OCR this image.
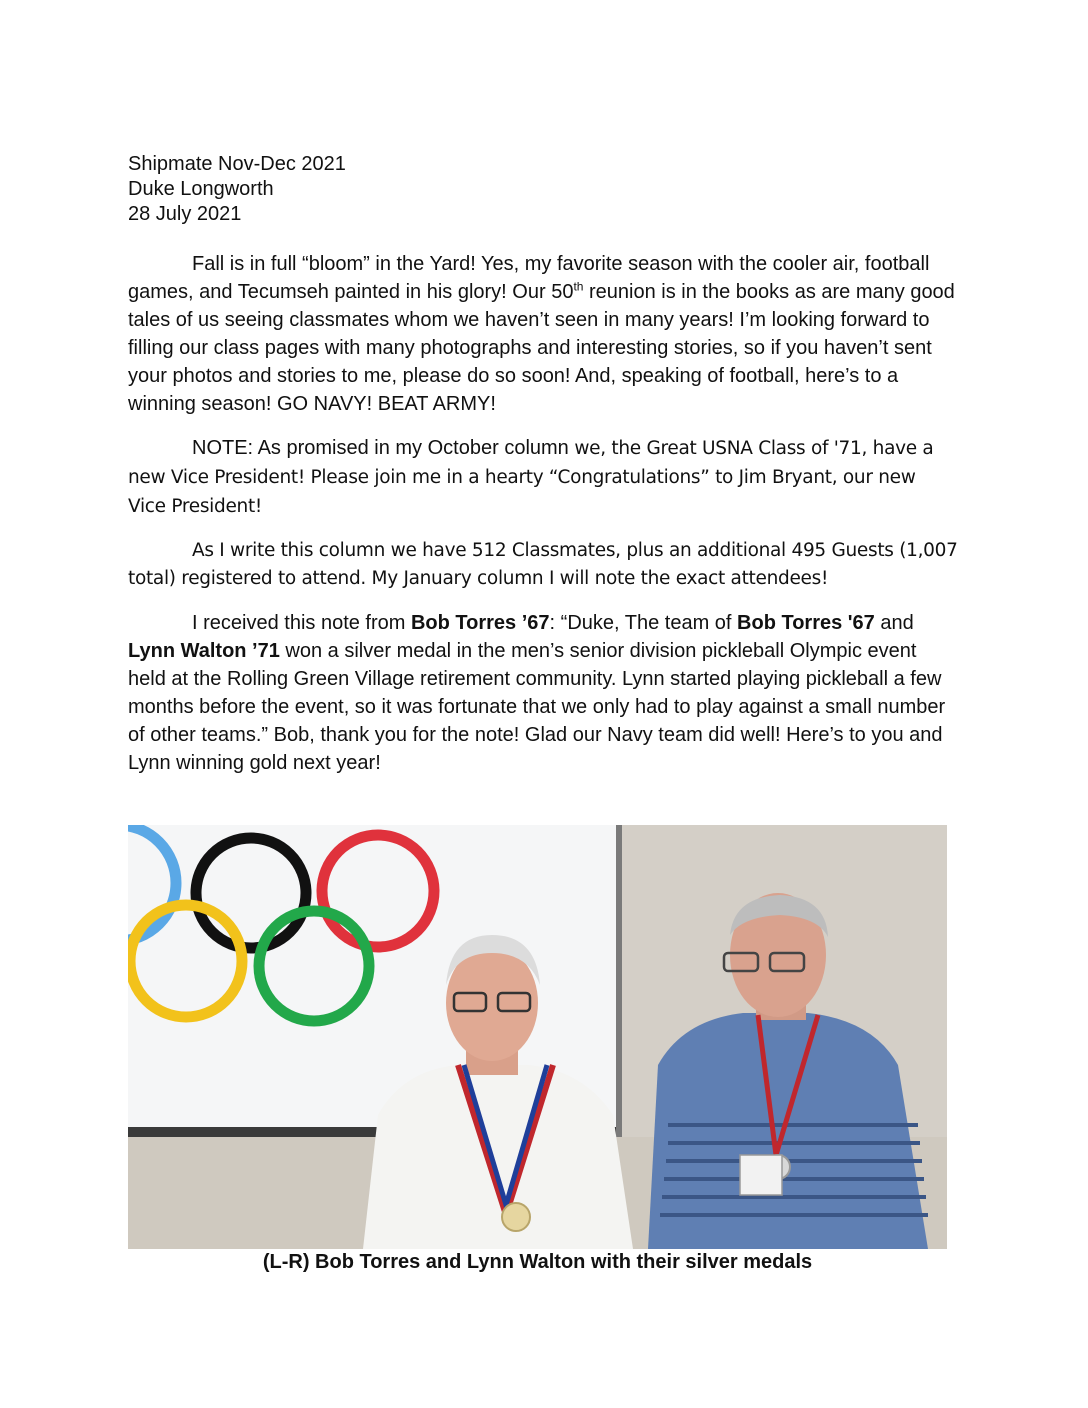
Shipmate Nov-Dec 2021
Duke Longworth
28 July 2021

Fall is in full “bloom” in the Yard! Yes, my favorite season with the cooler air, football games, and Tecumseh painted in his glory! Our 50th reunion is in the books as are many good tales of us seeing classmates whom we haven’t seen in many years! I’m looking forward to filling our class pages with many photographs and interesting stories, so if you haven’t sent your photos and stories to me, please do so soon! And, speaking of football, here’s to a winning season! GO NAVY! BEAT ARMY!

NOTE: As promised in my October column we, the Great USNA Class of '71, have a new Vice President! Please join me in a hearty “Congratulations” to Jim Bryant, our new Vice President!

As I write this column we have 512 Classmates, plus an additional 495 Guests (1,007 total) registered to attend. My January column I will note the exact attendees!

I received this note from Bob Torres ’67: “Duke, The team of Bob Torres '67 and Lynn Walton ’71 won a silver medal in the men’s senior division pickleball Olympic event held at the Rolling Green Village retirement community. Lynn started playing pickleball a few months before the event, so it was fortunate that we only had to play against a small number of other teams.” Bob, thank you for the note! Glad our Navy team did well! Here’s to you and Lynn winning gold next year!

(L-R) Bob Torres and Lynn Walton with their silver medals
